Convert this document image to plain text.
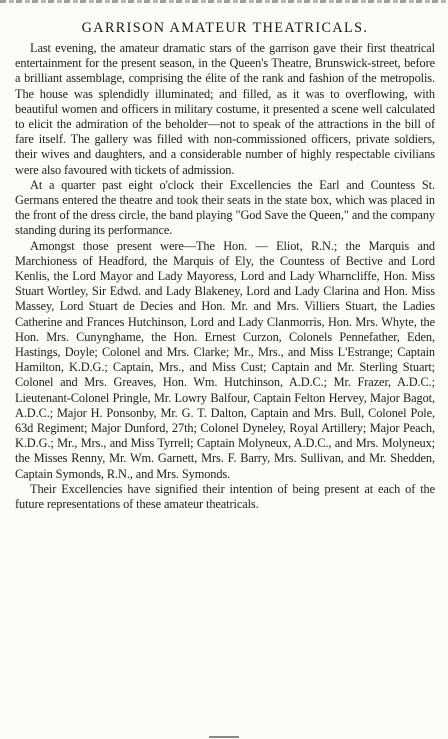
GARRISON AMATEUR THEATRICALS.

Last evening, the amateur dramatic stars of the garrison gave their first theatrical entertainment for the present season, in the Queen's Theatre, Brunswick-street, before a brilliant assemblage, comprising the élite of the rank and fashion of the metropolis. The house was splendidly illuminated; and filled, as it was to overflowing, with beautiful women and officers in military costume, it presented a scene well calculated to elicit the admiration of the beholder—not to speak of the attractions in the bill of fare itself. The gallery was filled with non-commissioned officers, private soldiers, their wives and daughters, and a considerable number of highly respectable civilians were also favoured with tickets of admission.

At a quarter past eight o'clock their Excellencies the Earl and Countess St. Germans entered the theatre and took their seats in the state box, which was placed in the front of the dress circle, the band playing "God Save the Queen," and the company standing during its performance.

Amongst those present were—The Hon. — Eliot, R.N.; the Marquis and Marchioness of Headford, the Marquis of Ely, the Countess of Bective and Lord Kenlis, the Lord Mayor and Lady Mayoress, Lord and Lady Wharncliffe, Hon. Miss Stuart Wortley, Sir Edwd. and Lady Blakeney, Lord and Lady Clarina and Hon. Miss Massey, Lord Stuart de Decies and Hon. Mr. and Mrs. Villiers Stuart, the Ladies Catherine and Frances Hutchinson, Lord and Lady Clanmorris, Hon. Mrs. Whyte, the Hon. Mrs. Cunynghame, the Hon. Ernest Curzon, Colonels Pennefather, Eden, Hastings, Doyle; Colonel and Mrs. Clarke; Mr., Mrs., and Miss L'Estrange; Captain Hamilton, K.D.G.; Captain, Mrs., and Miss Cust; Captain and Mr. Sterling Stuart; Colonel and Mrs. Greaves, Hon. Wm. Hutchinson, A.D.C.; Mr. Frazer, A.D.C.; Lieutenant-Colonel Pringle, Mr. Lowry Balfour, Captain Felton Hervey, Major Bagot, A.D.C.; Major H. Ponsonby, Mr. G. T. Dalton, Captain and Mrs. Bull, Colonel Pole, 63d Regiment; Major Dunford, 27th; Colonel Dyneley, Royal Artillery; Major Peach, K.D.G.; Mr., Mrs., and Miss Tyrrell; Captain Molyneux, A.D.C., and Mrs. Molyneux; the Misses Renny, Mr. Wm. Garnett, Mrs. F. Barry, Mrs. Sullivan, and Mr. Shedden, Captain Symonds, R.N., and Mrs. Symonds.

Their Excellencies have signified their intention of being present at each of the future representations of these amateur theatricals.
